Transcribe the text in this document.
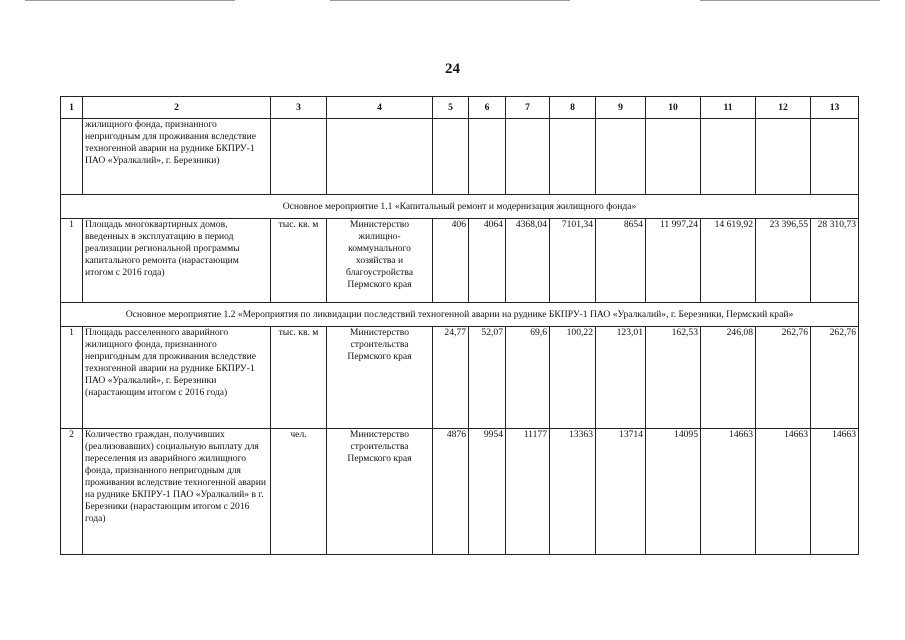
24
1	2	3	4	5	6	7	8	9	10	11	12	13
	жилищного фонда, признанного непригодным для проживания вследствие техногенной аварии на руднике БКПРУ-1 ПАО «Уралкалий», г. Березники)											
Основное мероприятие 1.1 «Капитальный ремонт и модернизация жилищного фонда»												
1	Площадь многоквартирных домов, введенных в эксплуатацию в период реализации региональной программы капитального ремонта (нарастающим итогом с 2016 года)	тыс. кв. м	Министерство жилищно-коммунального хозяйства и благоустройства Пермского края	406	4064	4368,04	7101,34	8654	11 997,24	14 619,92	23 396,55	28 310,73
Основное мероприятие 1.2 «Мероприятия по ликвидации последствий техногенной аварии на руднике БКПРУ-1 ПАО «Уралкалий», г. Березники, Пермский край»												
1	Площадь расселенного аварийного жилищного фонда, признанного непригодным для проживания вследствие техногенной аварии на руднике БКПРУ-1 ПАО «Уралкалий», г. Березники (нарастающим итогом с 2016 года)	тыс. кв. м	Министерство строительства Пермского края	24,77	52,07	69,6	100,22	123,01	162,53	246,08	262,76	262,76
2	Количество граждан, получивших (реализовавших) социальную выплату для переселения из аварийного жилищного фонда, признанного непригодным для проживания вследствие техногенной аварии на руднике БКПРУ-1 ПАО «Уралкалий» в г. Березники (нарастающим итогом с 2016 года)	чел.	Министерство строительства Пермского края	4876	9954	11177	13363	13714	14095	14663	14663	14663
